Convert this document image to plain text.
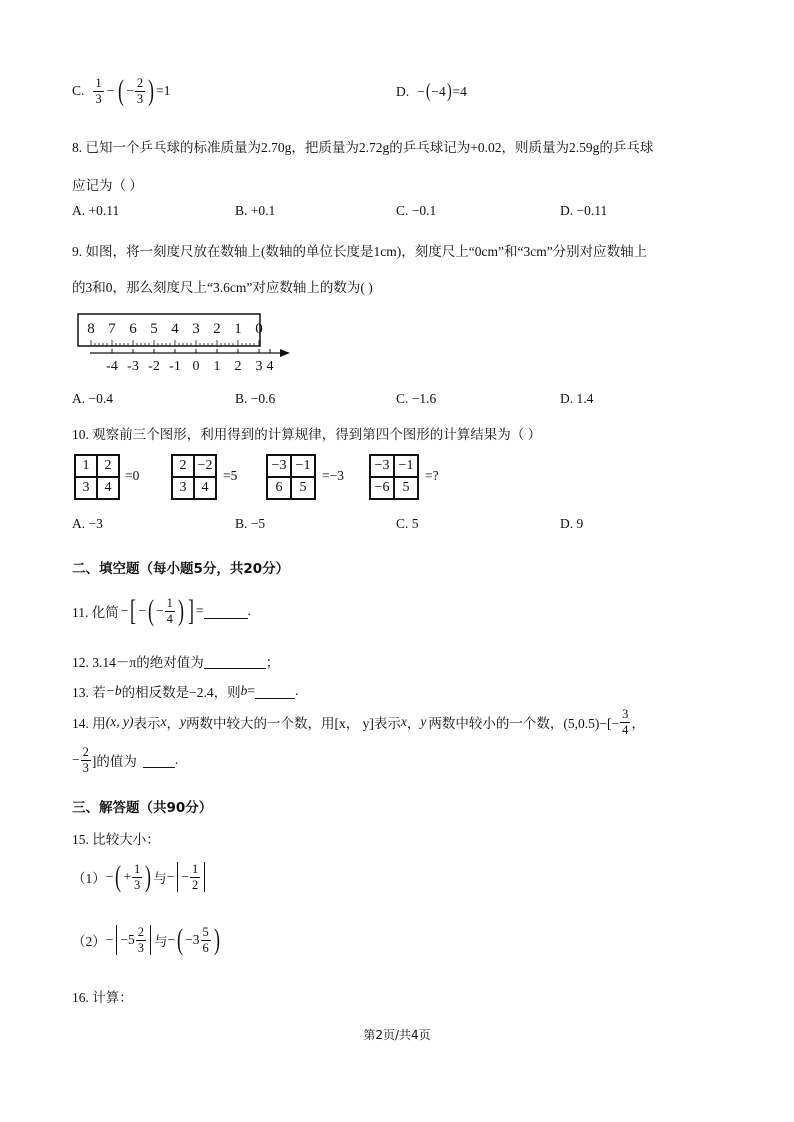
C. $\frac{1}{3}$ − ( − $\frac{2}{3}$ ) =1	D. − ( −4 ) =4
8. 已知一个乒乓球的标准质量为2.70g，把质量为2.72g的乒乓球记为+0.02，则质量为2.59g的乒乓球
应记为（ ）
A. +0.11	B. +0.1	C. −0.1	D. −0.11
9. 如图，将一刻度尺放在数轴上(数轴的单位长度是1cm)，刻度尺上“0cm”和“3cm”分别对应数轴上
的3和0，那么刻度尺上“3.6cm”对应数轴上的数为( )
8 7 6 5 4 3 2 1 0
-4 -3 -2 -1 0 1 2 3 4
A. −0.4	B. −0.6	C. −1.6	D. 1.4
10. 观察前三个图形，利用得到的计算规律，得到第四个图形的计算结果为（ ）
1	2
3	4
=0
2 −2
3	4
=5
−3 −1
6	5
=−3
−3 −1
−6 5
=?
A. −3	B. −5	C. 5	D. 9
二、填空题（每小题5分，共20分）
11. 化简 − [ − ( − $\frac{1}{4}$ ) ] =	.
12. 3.14－π的绝对值为	；
13. 若 −b 的相反数是−2.4，则 b =	.
14. 用 (x, y) 表示 x ， y 两数中较大的一个数，用 [x， y] 表示 x ， y 两数中较小的一个数，$(5,0.5)-[- \frac{3}{4}$ ，
− $\frac{2}{3}$ ]的值为	.
三、解答题（共90分）
15. 比较大小：
（1） − ( + $\frac{1}{3}$ ) 与 − − $\frac{1}{2}$
$(2) - -5 \frac{2}{3}$ 与 − ( $-3 \frac{5}{6}$ )
16. 计算：
第2页/共4页
